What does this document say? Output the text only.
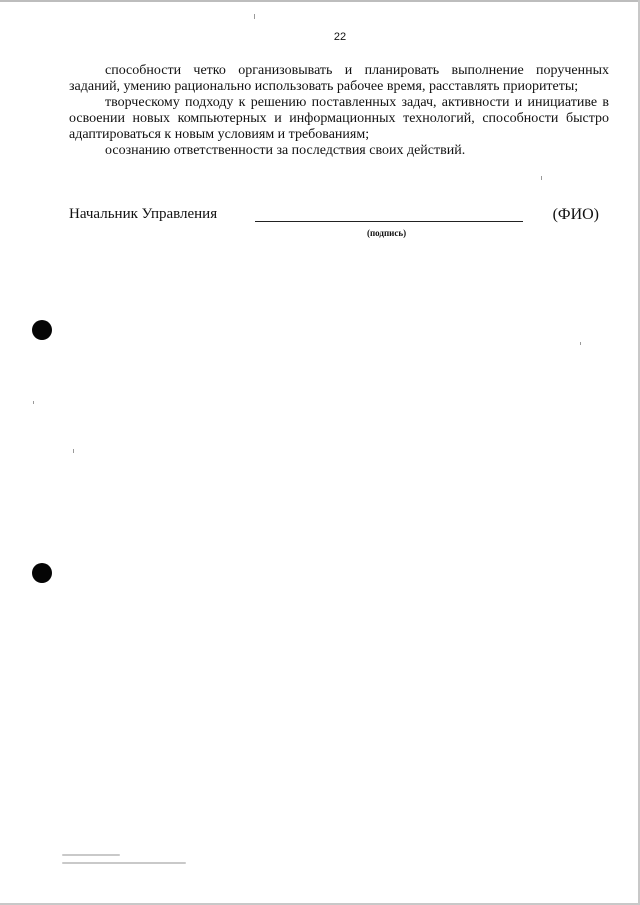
22

способности четко организовывать и планировать выполнение порученных заданий, умению рационально использовать рабочее время, расставлять приоритеты;

творческому подходу к решению поставленных задач, активности и инициативе в освоении новых компьютерных и информационных технологий, способности быстро адаптироваться к новым условиям и требованиям;

осознанию ответственности за последствия своих действий.

Начальник Управления
(подпись)
(ФИО)
